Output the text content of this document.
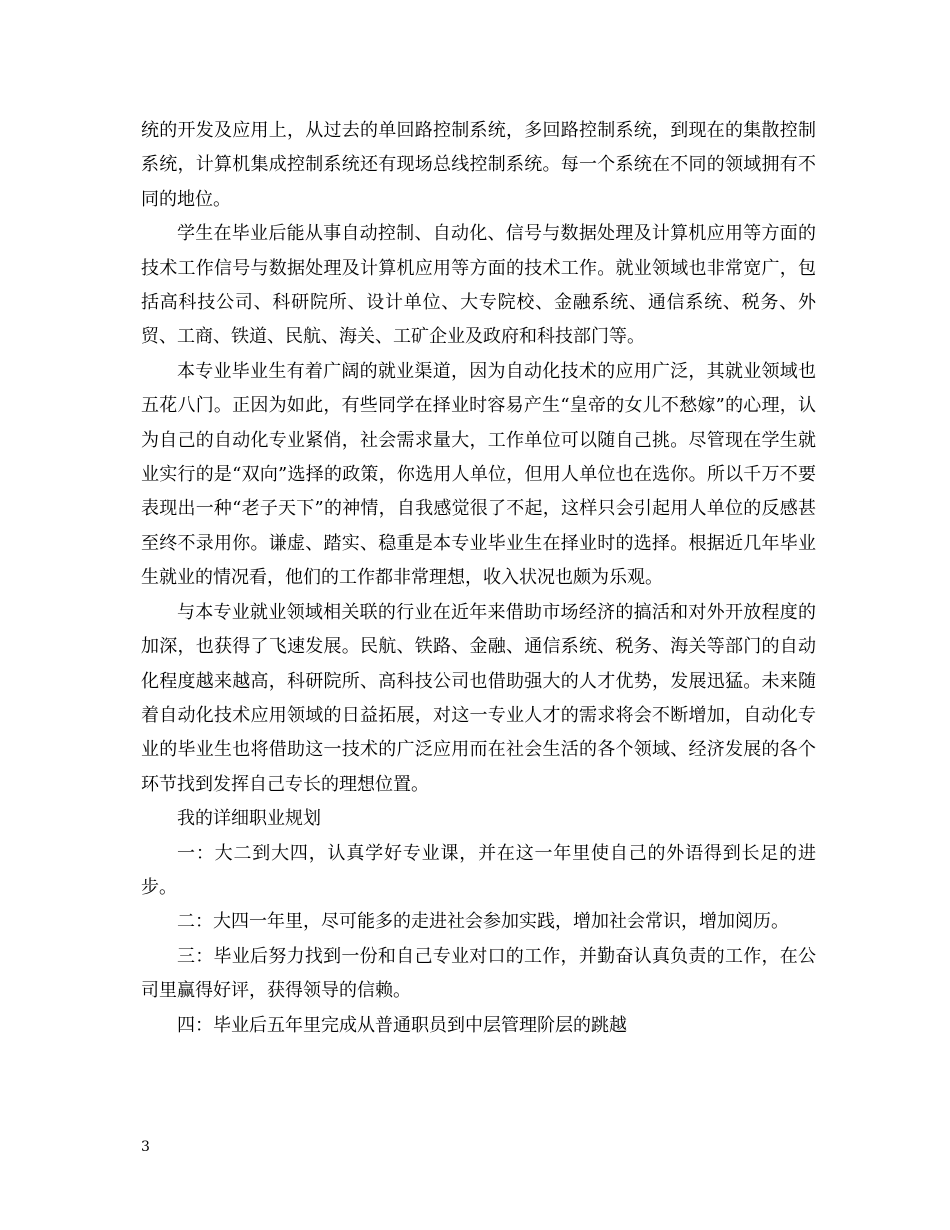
统的开发及应用上，从过去的单回路控制系统，多回路控制系统，到现在的集散控制系统，计算机集成控制系统还有现场总线控制系统。每一个系统在不同的领域拥有不同的地位。

学生在毕业后能从事自动控制、自动化、信号与数据处理及计算机应用等方面的技术工作信号与数据处理及计算机应用等方面的技术工作。就业领域也非常宽广，包括高科技公司、科研院所、设计单位、大专院校、金融系统、通信系统、税务、外贸、工商、铁道、民航、海关、工矿企业及政府和科技部门等。

本专业毕业生有着广阔的就业渠道，因为自动化技术的应用广泛，其就业领域也五花八门。正因为如此，有些同学在择业时容易产生“皇帝的女儿不愁嫁”的心理，认为自己的自动化专业紧俏，社会需求量大，工作单位可以随自己挑。尽管现在学生就业实行的是“双向”选择的政策，你选用人单位，但用人单位也在选你。所以千万不要表现出一种“老子天下”的神情，自我感觉很了不起，这样只会引起用人单位的反感甚至终不录用你。谦虚、踏实、稳重是本专业毕业生在择业时的选择。根据近几年毕业生就业的情况看，他们的工作都非常理想，收入状况也颇为乐观。

与本专业就业领域相关联的行业在近年来借助市场经济的搞活和对外开放程度的加深，也获得了飞速发展。民航、铁路、金融、通信系统、税务、海关等部门的自动化程度越来越高，科研院所、高科技公司也借助强大的人才优势，发展迅猛。未来随着自动化技术应用领域的日益拓展，对这一专业人才的需求将会不断增加，自动化专业的毕业生也将借助这一技术的广泛应用而在社会生活的各个领域、经济发展的各个环节找到发挥自己专长的理想位置。

我的详细职业规划

一：大二到大四，认真学好专业课，并在这一年里使自己的外语得到长足的进步。

二：大四一年里，尽可能多的走进社会参加实践，增加社会常识，增加阅历。

三：毕业后努力找到一份和自己专业对口的工作，并勤奋认真负责的工作，在公司里赢得好评，获得领导的信赖。

四：毕业后五年里完成从普通职员到中层管理阶层的跳越

3
